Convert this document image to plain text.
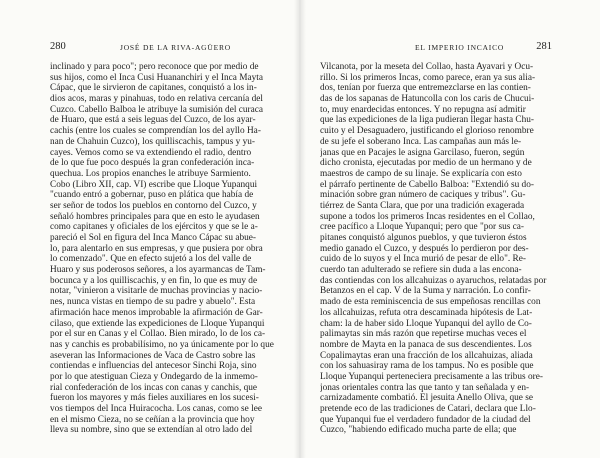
280	JOSÉ DE LA RIVA-AGÜERO
inclinado y para poco"; pero reconoce que por medio de
sus hijos, como el Inca Cusi Huananchiri y el Inca Mayta
Cápac, que le sirvieron de capitanes, conquistó a los in-
dios acos, maras y pinahuas, todo en relativa cercanía del
Cuzco. Cabello Balboa le atribuye la sumisión del curaca
de Huaro, que está a seis leguas del Cuzco, de los ayar-
cachis (entre los cuales se comprendían los del ayllo Ha-
nan de Chahuin Cuzco), los quilliscachis, tampus y yu-
cayes. Vemos como se va extendiendo el radio, dentro
de lo que fue poco después la gran confederación inca-
quechua. Los propios enanches le atribuye Sarmiento.
Cobo (Libro XII, cap. VI) escribe que Lloque Yupanqui
"cuando entró a gobernar, puso en plática que había de
ser señor de todos los pueblos en contorno del Cuzco, y
señaló hombres principales para que en esto le ayudasen
como capitanes y oficiales de los ejércitos y que se le a-
pareció el Sol en figura del Inca Manco Cápac su abue-
lo, para alentarlo en sus empresas, y que pusiera por obra
lo comenzado". Que en efecto sujetó a los del valle de
Huaro y sus poderosos señores, a los ayarmancas de Tam-
bocunca y a los quilliscachis, y en fin, lo que es muy de
notar, "vinieron a visitarle de muchas provincias y nacio-
nes, nunca vistas en tiempo de su padre y abuelo". Esta
afirmación hace menos improbable la afirmación de Gar-
cilaso, que extiende las expediciones de Lloque Yupanqui
por el sur en Canas y el Collao. Bien mirado, lo de los ca-
nas y canchis es probabilísimo, no ya únicamente por lo que
aseveran las Informaciones de Vaca de Castro sobre las
contiendas e influencias del antecesor Sinchi Roja, sino
por lo que atestiguan Cieza y Ondegardo de la inmemo-
rial confederación de los incas con canas y canchis, que
fueron los mayores y más fieles auxiliares en los sucesi-
vos tiempos del Inca Huiracocha. Los canas, como se lee
en el mismo Cieza, no se ceñían a la provincia que hoy
lleva su nombre, sino que se extendían al otro lado del
EL IMPERIO INCAICO	281
Vilcanota, por la meseta del Collao, hasta Ayavari y Ocu-
rillo. Si los primeros Incas, como parece, eran ya sus alia-
dos, tenían por fuerza que entremezclarse en las contien-
das de los sapanas de Hatuncolla con los caris de Chucui-
to, muy enardecidas entonces. Y no repugna así admitir
que las expediciones de la liga pudieran llegar hasta Chu-
cuito y el Desaguadero, justificando el glorioso renombre
de su jefe el soberano Inca. Las campañas aun más le-
janas que en Pacajes le asigna Garcilaso, fueron, según
dicho cronista, ejecutadas por medio de un hermano y de
maestros de campo de su linaje. Se explicaría con esto
el párrafo pertinente de Cabello Balboa: "Extendió su do-
minación sobre gran número de caciques y tribus". Gu-
tiérrez de Santa Clara, que por una tradición exagerada
supone a todos los primeros Incas residentes en el Collao,
cree pacífico a Lloque Yupanqui; pero que "por sus ca-
pitanes conquistó algunos pueblos, y que tuvieron éstos
medio ganado el Cuzco, y después lo perdieron por des-
cuido de lo suyos y el Inca murió de pesar de ello". Re-
cuerdo tan adulterado se refiere sin duda a las encona-
das contiendas con los allcahuizas o ayaruchos, relatadas por
Betanzos en el cap. V de la Suma y narración. Lo confir-
mado de esta reminiscencia de sus empeñosas rencillas con
los allcahuizas, refuta otra descaminada hipótesis de Lat-
cham: la de haber sido Lloque Yupanqui del ayllo de Co-
palimaytas sin más razón que repetirse muchas veces el
nombre de Mayta en la panaca de sus descendientes. Los
Copalimaytas eran una fracción de los allcahuizas, aliada
con los sahuasiray rama de los tampus. No es posible que
Lloque Yupanqui perteneciera precisamente a las tribus ore-
jonas orientales contra las que tanto y tan señalada y en-
carnizadamente combatió. El jesuita Anello Oliva, que se
pretende eco de las tradiciones de Catari, declara que Llo-
que Yupanqui fue el verdadero fundador de la ciudad del
Cuzco, "habiendo edificado mucha parte de ella; que
